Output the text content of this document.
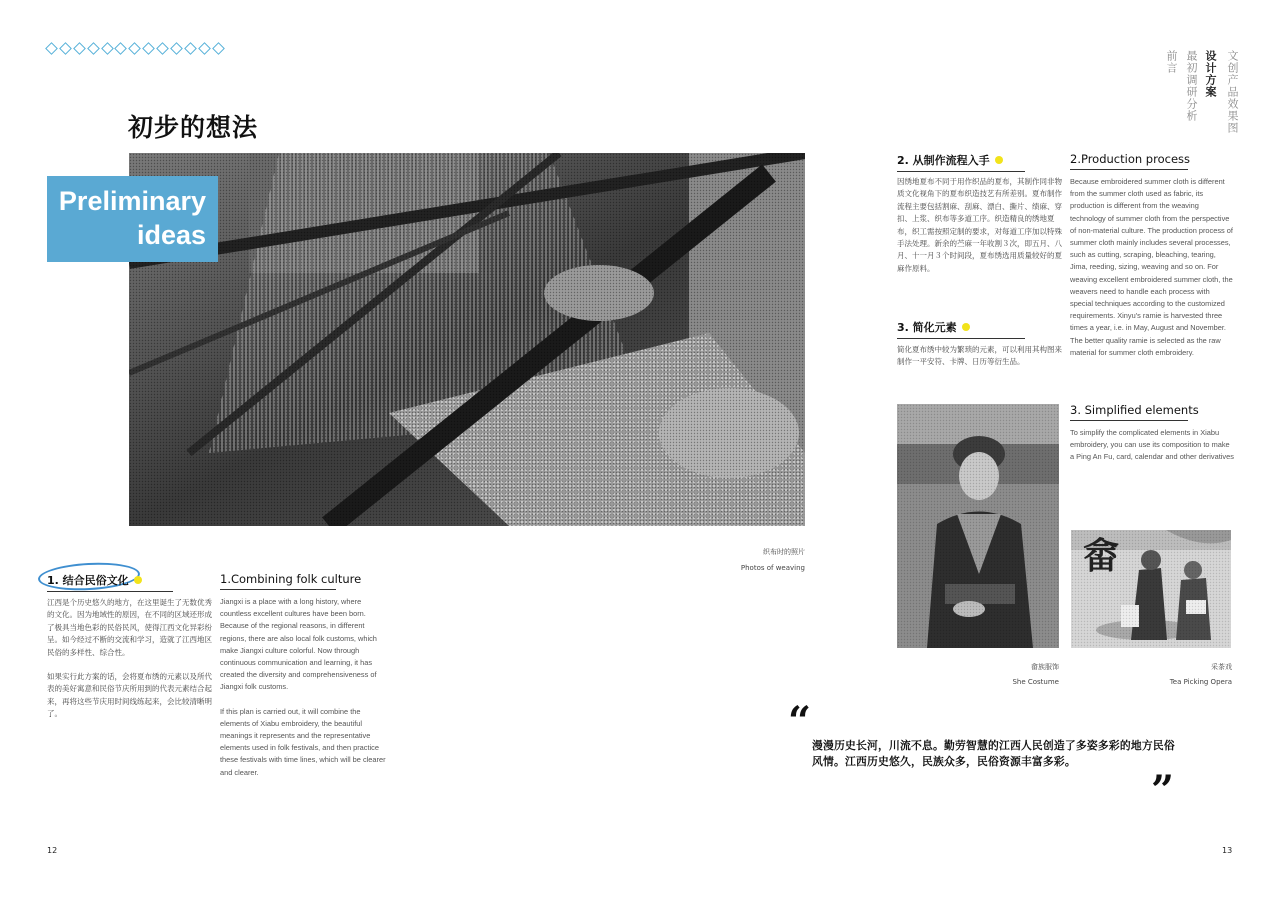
文创产品效果图
设计方案
最初调研分析
前言
初步的想法
Preliminary
ideas
织布时的照片
Photos of weaving
1. 结合民俗文化
江西是个历史悠久的地方，在这里诞生了无数优秀的文化。因为地域性的原因，在不同的区域还形成了极具当地色彩的民俗民风，使得江西文化异彩纷呈。如今经过不断的交流和学习，造就了江西地区民俗的多样性、综合性。
如果实行此方案的话，会将夏布绣的元素以及所代表的美好寓意和民俗节庆所用到的代表元素结合起来，再将这些节庆用时间线练起来，会比较清晰明了。
1.Combining folk culture
Jiangxi is a place with a long history, where countless excellent cultures have been born. Because of the regional reasons, in different regions, there are also local folk customs, which make Jiangxi culture colorful. Now through continuous communication and learning, it has created the diversity and comprehensiveness of Jiangxi folk customs.
If this plan is carried out, it will combine the elements of Xiabu embroidery, the beautiful meanings it represents and the representative elements used in folk festivals, and then practice these festivals with time lines, which will be clearer and clearer.
2. 从制作流程入手
因绣地夏布不同于用作织品的夏布，其制作同非物质文化视角下的夏布织造技艺有所差别。夏布制作流程主要包括割麻、刮麻、漂白、撕片、绩麻、穿扣、上浆、织布等多道工序。织造精良的绣地夏布，织工需按照定制的要求，对每道工序加以特殊手法处理。新余的苎麻一年收割３次，即五月、八月、十一月３个时间段，夏布绣选用质量较好的夏麻作原料。
2.Production process
Because embroidered summer cloth is different from the summer cloth used as fabric, its production is different from the weaving technology of summer cloth from the perspective of non-material culture. The production process of summer cloth mainly includes several processes, such as cutting, scraping, bleaching, tearing, Jima, reeding, sizing, weaving and so on. For weaving excellent embroidered summer cloth, the weavers need to handle each process with special techniques according to the customized requirements. Xinyu's ramie is harvested three times a year, i.e. in May, August and November. The better quality ramie is selected as the raw material for summer cloth embroidery.
3. 简化元素
简化夏布绣中较为繁琐的元素，可以利用其构图来制作一平安符、卡牌、日历等衍生品。
畲族服饰
She Costume
3. Simplified elements
To simplify the complicated elements in Xiabu embroidery, you can use its composition to make a Ping An Fu, card, calendar and other derivatives
畲
采茶戏
Tea Picking Opera
“
漫漫历史长河，川流不息。勤劳智慧的江西人民创造了多姿多彩的地方民俗风情。江西历史悠久，民族众多，民俗资源丰富多彩。
”
12	13
